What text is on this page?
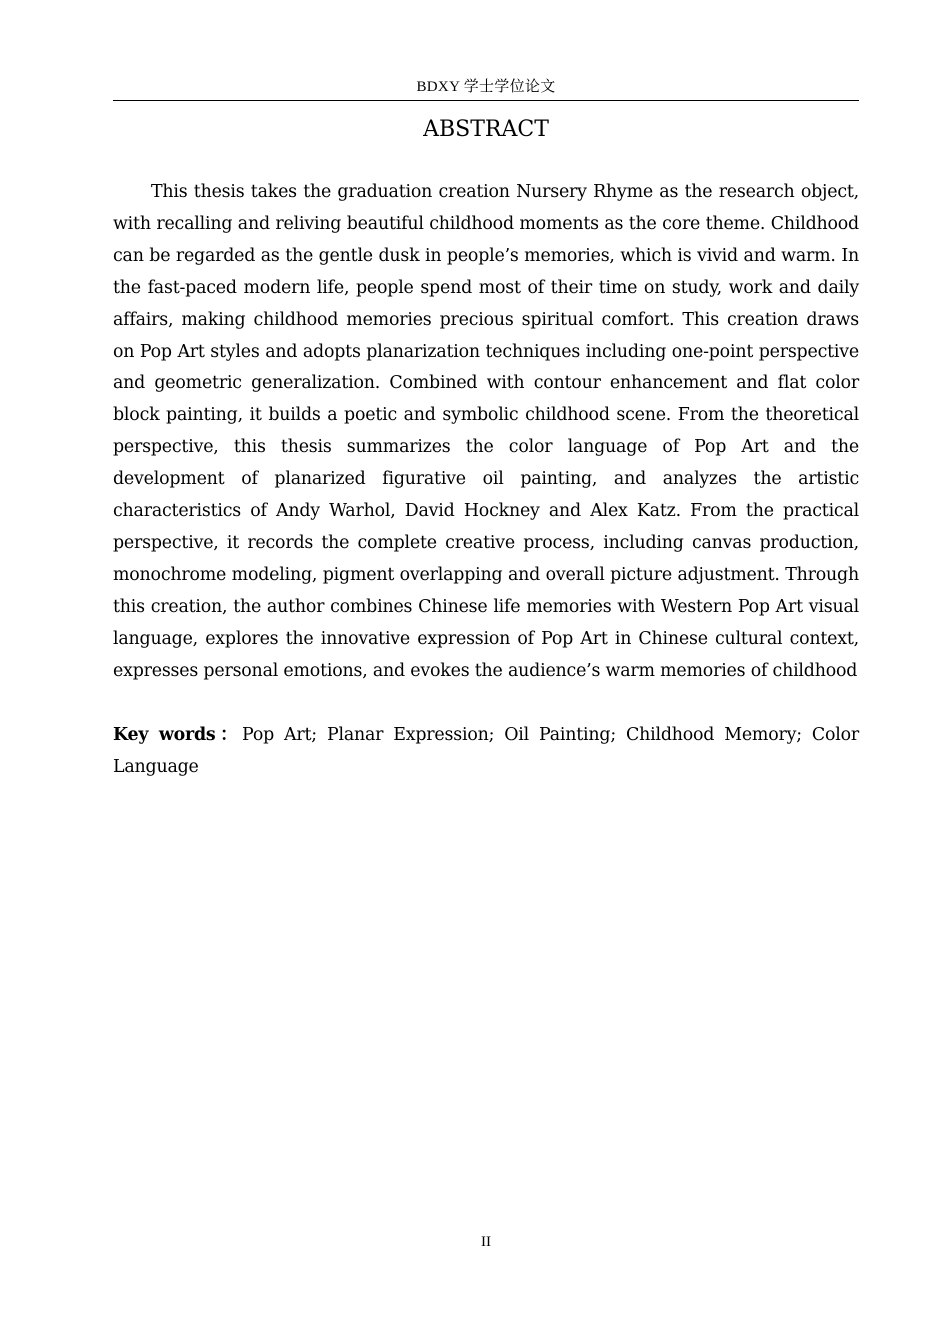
BDXY 学士学位论文
ABSTRACT

This thesis takes the graduation creation Nursery Rhyme as the research object, with recalling and reliving beautiful childhood moments as the core theme. Childhood can be regarded as the gentle dusk in people’s memories, which is vivid and warm. In the fast-paced modern life, people spend most of their time on study, work and daily affairs, making childhood memories precious spiritual comfort. This creation draws on Pop Art styles and adopts planarization techniques including one-point perspective and geometric generalization. Combined with contour enhancement and flat color block painting, it builds a poetic and symbolic childhood scene. From the theoretical perspective, this thesis summarizes the color language of Pop Art and the development of planarized figurative oil painting, and analyzes the artistic characteristics of Andy Warhol, David Hockney and Alex Katz. From the practical perspective, it records the complete creative process, including canvas production, monochrome modeling, pigment overlapping and overall picture adjustment. Through this creation, the author combines Chinese life memories with Western Pop Art visual language, explores the innovative expression of Pop Art in Chinese cultural context, expresses personal emotions, and evokes the audience’s warm memories of childhood

Key words：Pop Art; Planar Expression; Oil Painting; Childhood Memory; Color Language

II
